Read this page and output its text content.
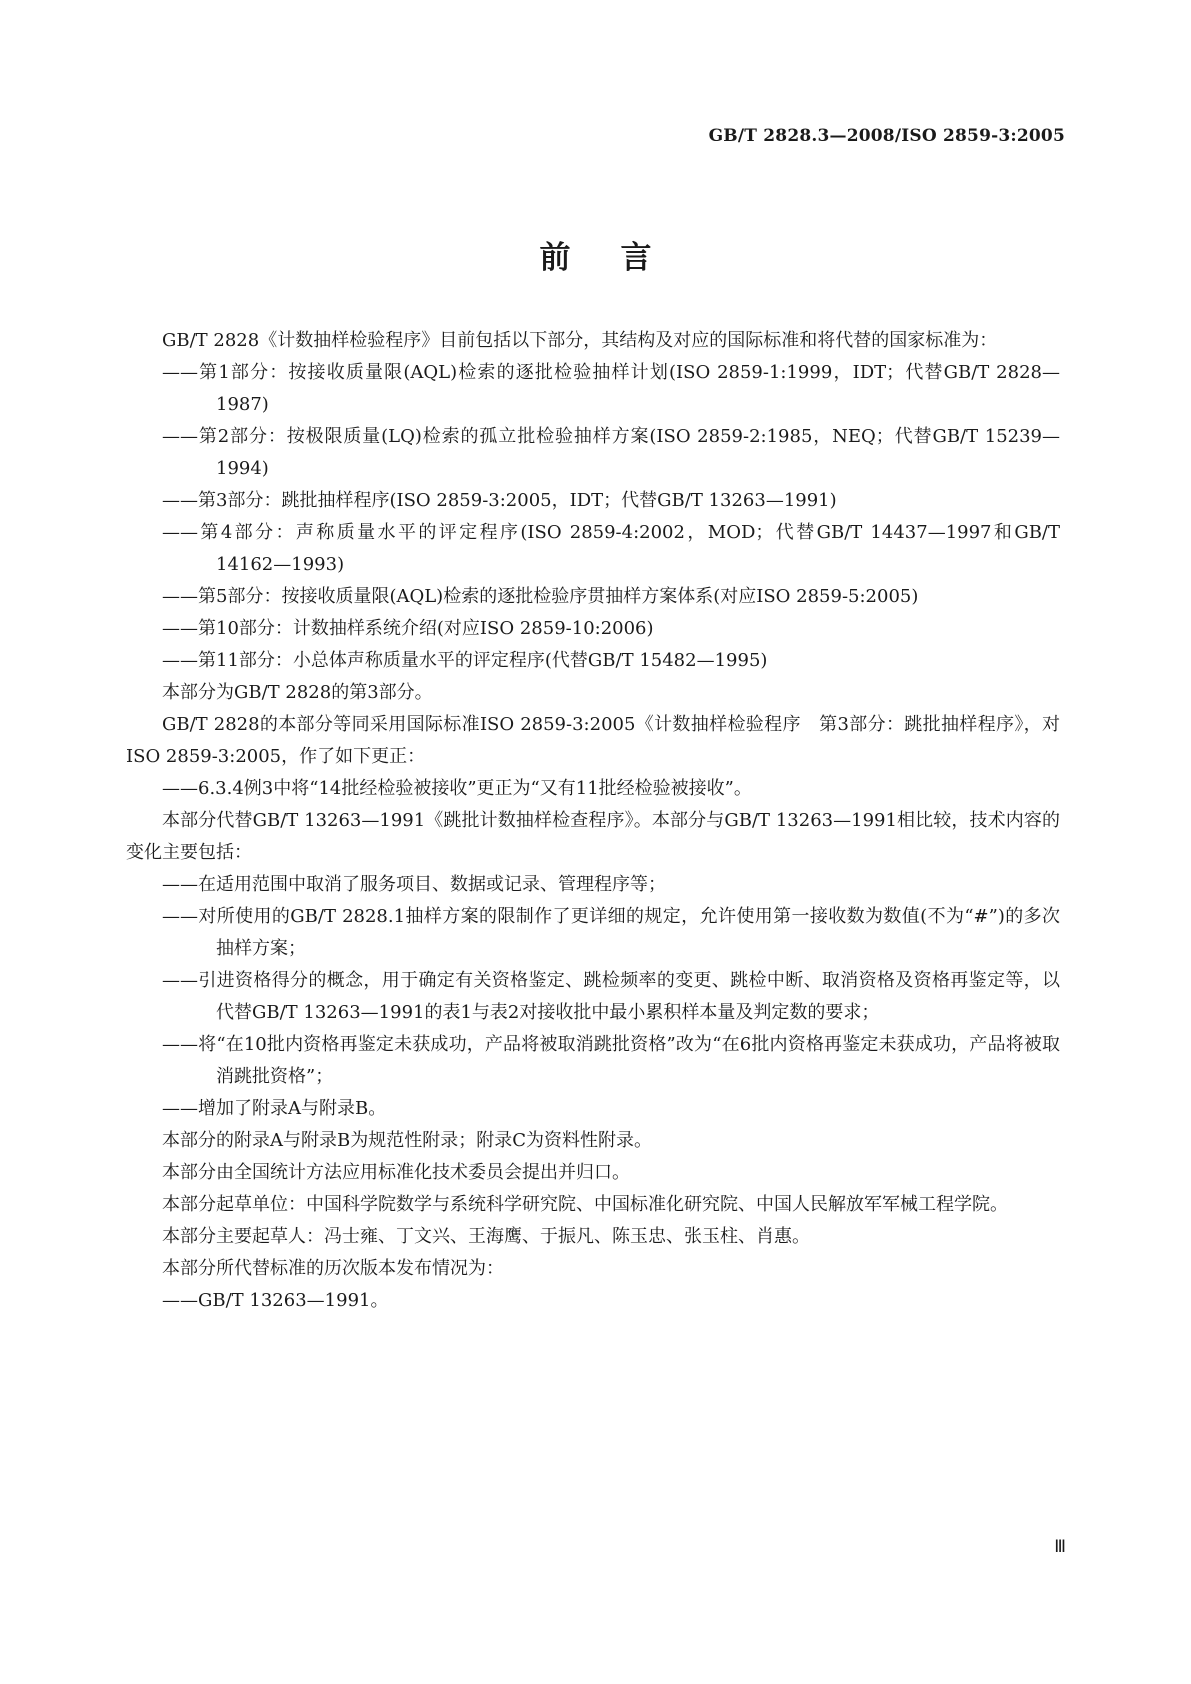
GB/T 2828.3—2008/ISO 2859-3:2005
前 言

GB/T 2828《计数抽样检验程序》目前包括以下部分，其结构及对应的国际标准和将代替的国家标准为：

——第1部分：按接收质量限(AQL)检索的逐批检验抽样计划(ISO 2859-1:1999，IDT；代替GB/T 2828—1987)

——第2部分：按极限质量(LQ)检索的孤立批检验抽样方案(ISO 2859-2:1985，NEQ；代替GB/T 15239—1994)

——第3部分：跳批抽样程序(ISO 2859-3:2005，IDT；代替GB/T 13263—1991)

——第4部分：声称质量水平的评定程序(ISO 2859-4:2002，MOD；代替GB/T 14437—1997和GB/T 14162—1993)

——第5部分：按接收质量限(AQL)检索的逐批检验序贯抽样方案体系(对应ISO 2859-5:2005)

——第10部分：计数抽样系统介绍(对应ISO 2859-10:2006)

——第11部分：小总体声称质量水平的评定程序(代替GB/T 15482—1995)

本部分为GB/T 2828的第3部分。

GB/T 2828的本部分等同采用国际标准ISO 2859-3:2005《计数抽样检验程序　第3部分：跳批抽样程序》，对ISO 2859-3:2005，作了如下更正：

——6.3.4例3中将“14批经检验被接收”更正为“又有11批经检验被接收”。

本部分代替GB/T 13263—1991《跳批计数抽样检查程序》。本部分与GB/T 13263—1991相比较，技术内容的变化主要包括：

——在适用范围中取消了服务项目、数据或记录、管理程序等；

——对所使用的GB/T 2828.1抽样方案的限制作了更详细的规定，允许使用第一接收数为数值(不为“#”)的多次抽样方案；

——引进资格得分的概念，用于确定有关资格鉴定、跳检频率的变更、跳检中断、取消资格及资格再鉴定等，以代替GB/T 13263—1991的表1与表2对接收批中最小累积样本量及判定数的要求；

——将“在10批内资格再鉴定未获成功，产品将被取消跳批资格”改为“在6批内资格再鉴定未获成功，产品将被取消跳批资格”；

——增加了附录A与附录B。

本部分的附录A与附录B为规范性附录；附录C为资料性附录。

本部分由全国统计方法应用标准化技术委员会提出并归口。

本部分起草单位：中国科学院数学与系统科学研究院、中国标准化研究院、中国人民解放军军械工程学院。

本部分主要起草人：冯士雍、丁文兴、王海鹰、于振凡、陈玉忠、张玉柱、肖惠。

本部分所代替标准的历次版本发布情况为：

——GB/T 13263—1991。

Ⅲ
